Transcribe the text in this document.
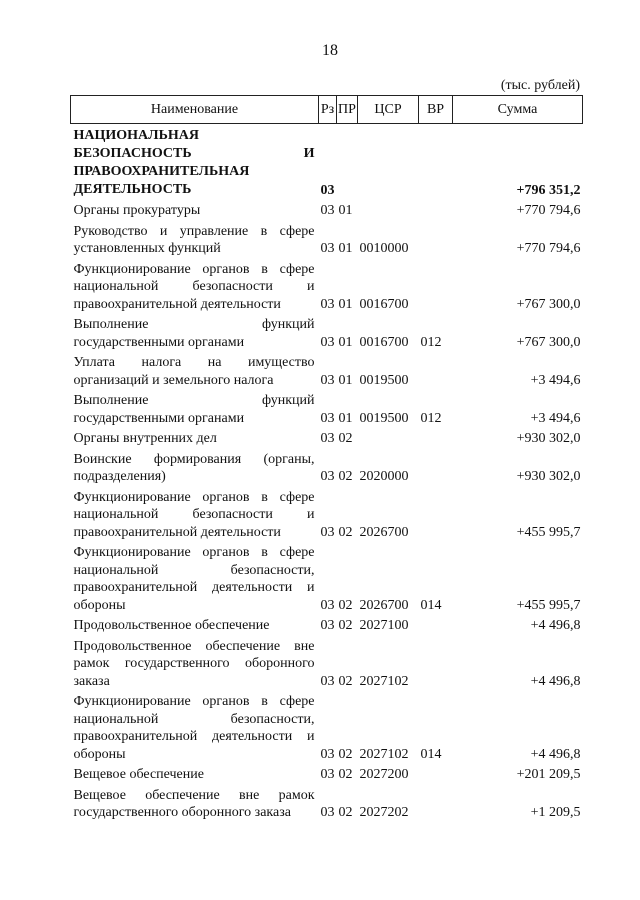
18
(тыс. рублей)
Наименование	Рз	ПР	ЦСР	ВР	Сумма
НАЦИОНАЛЬНАЯ БЕЗОПАСНОСТЬ И ПРАВООХРАНИТЕЛЬНАЯ ДЕЯТЕЛЬНОСТЬ	03				+796 351,2
Органы прокуратуры	03	01			+770 794,6
Руководство и управление в сфере установленных функций	03	01	0010000		+770 794,6
Функционирование органов в сфере национальной безопасности и правоохранительной деятельности	03	01	0016700		+767 300,0
Выполнение функций государственными органами	03	01	0016700	012	+767 300,0
Уплата налога на имущество организаций и земельного налога	03	01	0019500		+3 494,6
Выполнение функций государственными органами	03	01	0019500	012	+3 494,6
Органы внутренних дел	03	02			+930 302,0
Воинские формирования (органы, подразделения)	03	02	2020000		+930 302,0
Функционирование органов в сфере национальной безопасности и правоохранительной деятельности	03	02	2026700		+455 995,7
Функционирование органов в сфере национальной безопасности, правоохранительной деятельности и обороны	03	02	2026700	014	+455 995,7
Продовольственное обеспечение	03	02	2027100		+4 496,8
Продовольственное обеспечение вне рамок государственного оборонного заказа	03	02	2027102		+4 496,8
Функционирование органов в сфере национальной безопасности, правоохранительной деятельности и обороны	03	02	2027102	014	+4 496,8
Вещевое обеспечение	03	02	2027200		+201 209,5
Вещевое обеспечение вне рамок государственного оборонного заказа	03	02	2027202		+1 209,5
